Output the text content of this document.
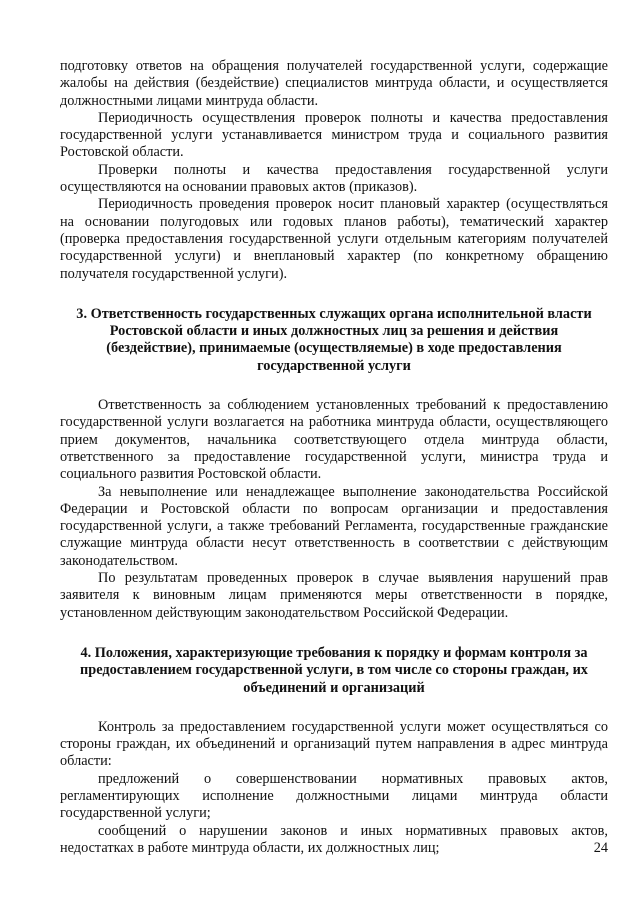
подготовку ответов на обращения получателей государственной услуги, содержащие жалобы на действия (бездействие) специалистов минтруда области, и осуществляется должностными лицами минтруда области.

Периодичность осуществления проверок полноты и качества предоставления государственной услуги устанавливается министром труда и социального развития Ростовской области.

Проверки полноты и качества предоставления государственной услуги осуществляются на основании правовых актов (приказов).

Периодичность проведения проверок носит плановый характер (осуществляться на основании полугодовых или годовых планов работы), тематический характер (проверка предоставления государственной услуги отдельным категориям получателей государственной услуги) и внеплановый характер (по конкретному обращению получателя государственной услуги).

3. Ответственность государственных служащих органа исполнительной власти Ростовской области и иных должностных лиц за решения и действия (бездействие), принимаемые (осуществляемые) в ходе предоставления государственной услуги

Ответственность за соблюдением установленных требований к предоставлению государственной услуги возлагается на работника минтруда области, осуществляющего прием документов, начальника соответствующего отдела минтруда области, ответственного за предоставление государственной услуги, министра труда и социального развития Ростовской области.

За невыполнение или ненадлежащее выполнение законодательства Российской Федерации и Ростовской области по вопросам организации и предоставления государственной услуги, а также требований Регламента, государственные гражданские служащие минтруда области несут ответственность в соответствии с действующим законодательством.

По результатам проведенных проверок в случае выявления нарушений прав заявителя к виновным лицам применяются меры ответственности в порядке, установленном действующим законодательством Российской Федерации.

4. Положения, характеризующие требования к порядку и формам контроля за предоставлением государственной услуги, в том числе со стороны граждан, их объединений и организаций

Контроль за предоставлением государственной услуги может осуществляться со стороны граждан, их объединений и организаций путем направления в адрес минтруда области:

предложений о совершенствовании нормативных правовых актов, регламентирующих исполнение должностными лицами минтруда области государственной услуги;

сообщений о нарушении законов и иных нормативных правовых актов, недостатках в работе минтруда области, их должностных лиц;	24
